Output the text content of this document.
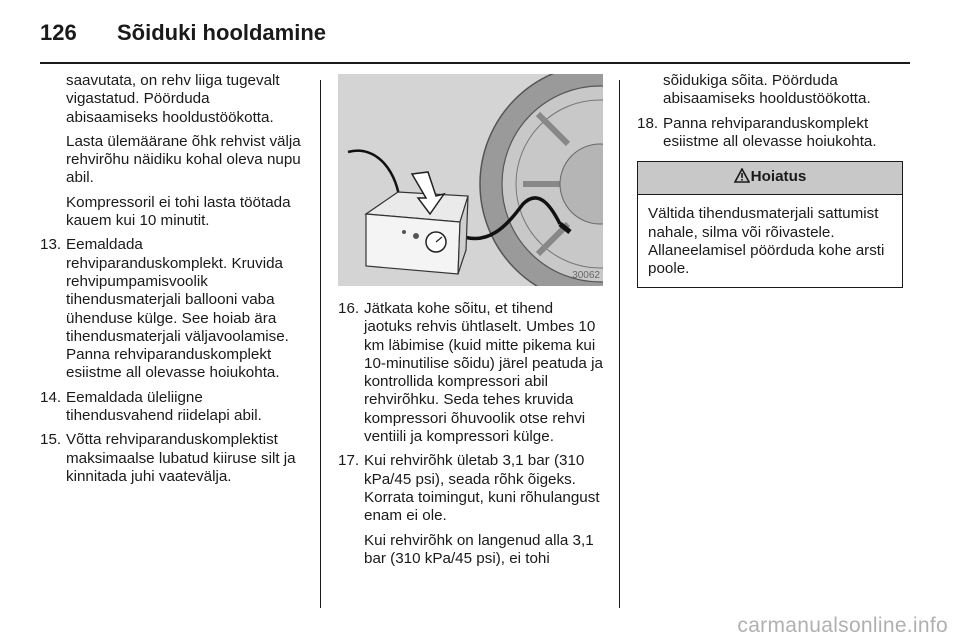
126 Sõiduki hooldamine

saavutata, on rehv liiga tugevalt vigastatud. Pöörduda abisaamiseks hooldustöökotta.

Lasta ülemäärane õhk rehvist välja rehvirõhu näidiku kohal oleva nupu abil.

Kompressoril ei tohi lasta töötada kauem kui 10 minutit.

13. Eemaldada rehviparanduskomplekt. Kruvida rehvipumpamisvoolik tihendusmaterjali ballooni vaba ühenduse külge. See hoiab ära tihendusmaterjali väljavoolamise. Panna rehviparanduskomplekt esiistme all olevasse hoiukohta.
14. Eemaldada üleliigne tihendusvahend riidelapi abil.
15. Võtta rehviparanduskomplektist maksimaalse lubatud kiiruse silt ja kinnitada juhi vaatevälja.
30062
16. Jätkata kohe sõitu, et tihend jaotuks rehvis ühtlaselt. Umbes 10 km läbimise (kuid mitte pikema kui 10-minutilise sõidu) järel peatuda ja kontrollida kompressori abil rehvirõhku. Seda tehes kruvida kompressori õhuvoolik otse rehvi ventiili ja kompressori külge.
17. Kui rehvirõhk ületab 3,1 bar (310 kPa/45 psi), seada rõhk õigeks. Korrata toimingut, kuni rõhulangust enam ei ole.

Kui rehvirõhk on langenud alla 3,1 bar (310 kPa/45 psi), ei tohi

sõidukiga sõita. Pöörduda abisaamiseks hooldustöökotta.

18. Panna rehviparanduskomplekt esiistme all olevasse hoiukohta.
Hoiatus

Vältida tihendusmaterjali sattumist nahale, silma või rõivastele. Allaneelamisel pöörduda kohe arsti poole.

carmanualsonline.info
